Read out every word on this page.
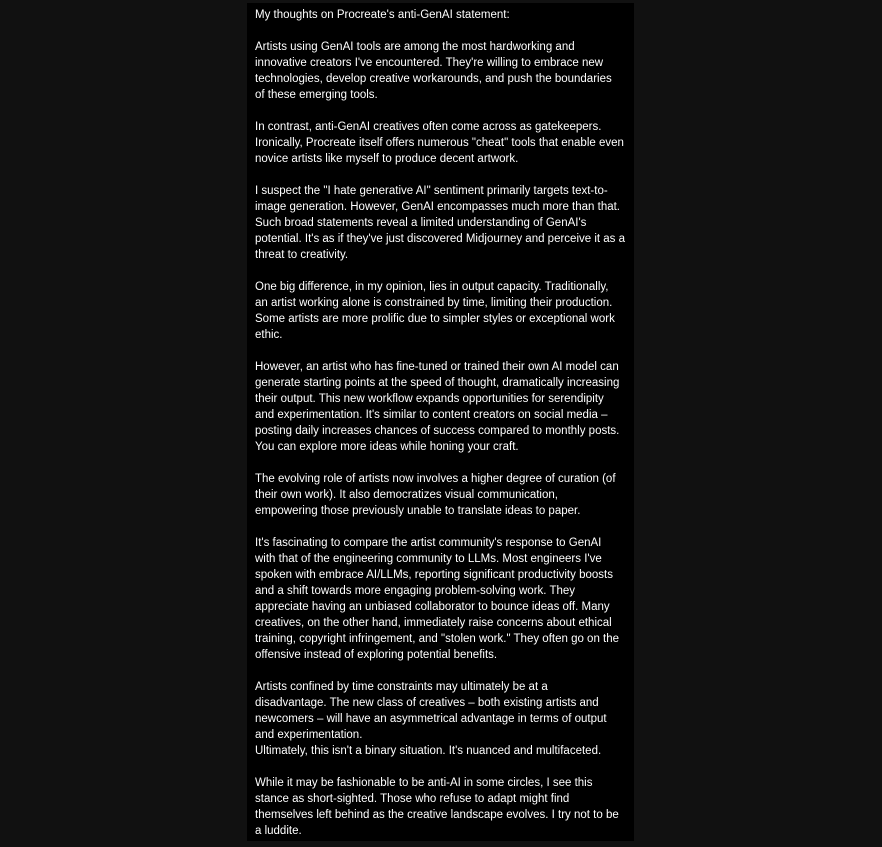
My thoughts on Procreate's anti-GenAI statement:

Artists using GenAI tools are among the most hardworking and
innovative creators I've encountered. They're willing to embrace new
technologies, develop creative workarounds, and push the boundaries
of these emerging tools.

In contrast, anti-GenAI creatives often come across as gatekeepers.
Ironically, Procreate itself offers numerous "cheat" tools that enable even
novice artists like myself to produce decent artwork.

I suspect the "I hate generative AI" sentiment primarily targets text-to-
image generation. However, GenAI encompasses much more than that.
Such broad statements reveal a limited understanding of GenAI's
potential. It's as if they've just discovered Midjourney and perceive it as a
threat to creativity.

One big difference, in my opinion, lies in output capacity. Traditionally,
an artist working alone is constrained by time, limiting their production.
Some artists are more prolific due to simpler styles or exceptional work
ethic.

However, an artist who has fine-tuned or trained their own AI model can
generate starting points at the speed of thought, dramatically increasing
their output. This new workflow expands opportunities for serendipity
and experimentation. It's similar to content creators on social media –
posting daily increases chances of success compared to monthly posts.
You can explore more ideas while honing your craft.

The evolving role of artists now involves a higher degree of curation (of
their own work). It also democratizes visual communication,
empowering those previously unable to translate ideas to paper.

It's fascinating to compare the artist community's response to GenAI
with that of the engineering community to LLMs. Most engineers I've
spoken with embrace AI/LLMs, reporting significant productivity boosts
and a shift towards more engaging problem-solving work. They
appreciate having an unbiased collaborator to bounce ideas off. Many
creatives, on the other hand, immediately raise concerns about ethical
training, copyright infringement, and "stolen work." They often go on the
offensive instead of exploring potential benefits.

Artists confined by time constraints may ultimately be at a
disadvantage. The new class of creatives – both existing artists and
newcomers – will have an asymmetrical advantage in terms of output
and experimentation.

Ultimately, this isn't a binary situation. It's nuanced and multifaceted.

While it may be fashionable to be anti-AI in some circles, I see this
stance as short-sighted. Those who refuse to adapt might find
themselves left behind as the creative landscape evolves. I try not to be
a luddite.
